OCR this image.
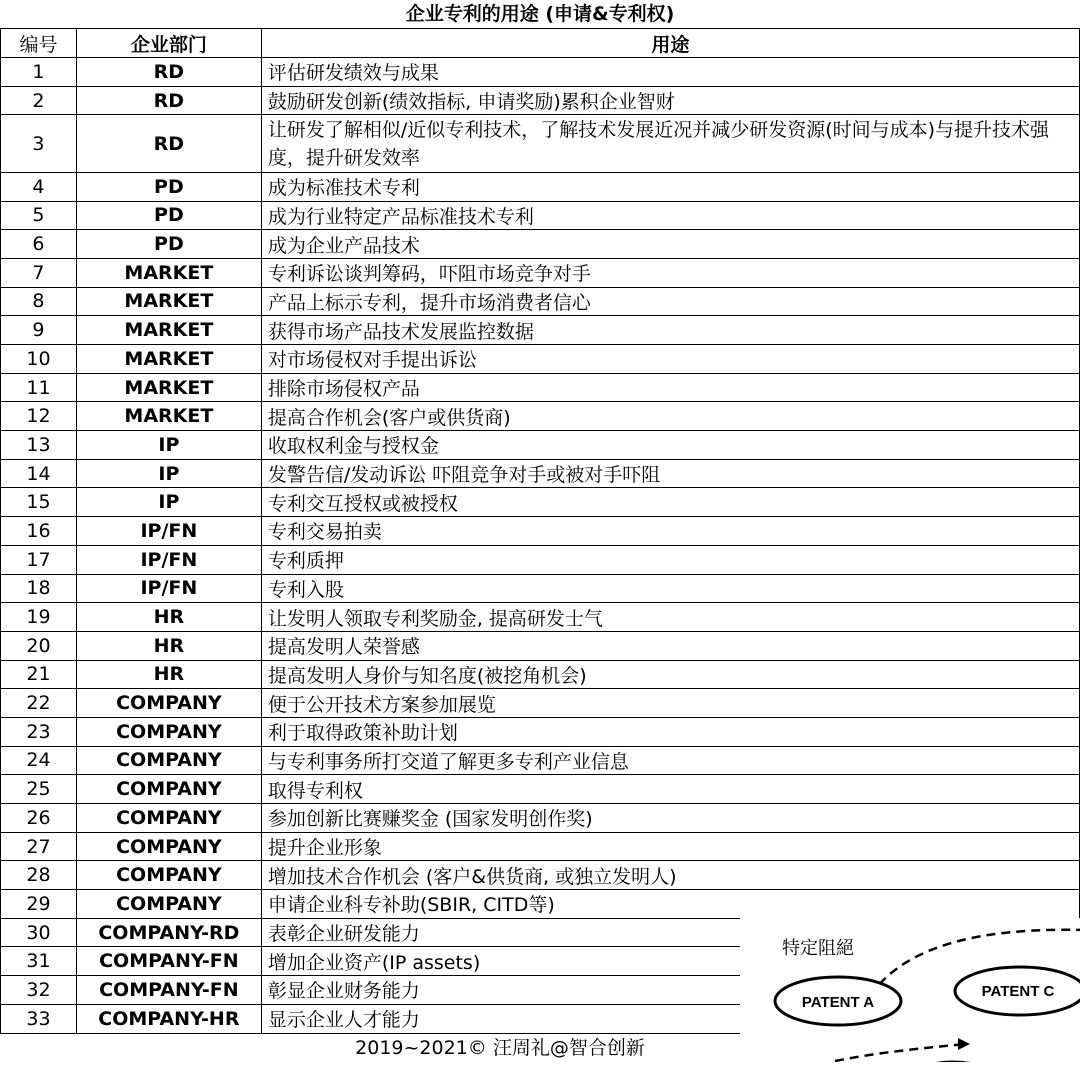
企业专利的用途 (申请&专利权)
编号	企业部门	用途
1	RD	评估研发绩效与成果
2	RD	鼓励研发创新(绩效指标, 申请奖励)累积企业智财
3	RD	让研发了解相似/近似专利技术，了解技术发展近况并减少研发资源(时间与成本)与提升技术强度，提升研发效率
4	PD	成为标准技术专利
5	PD	成为行业特定产品标准技术专利
6	PD	成为企业产品技术
7	MARKET	专利诉讼谈判筹码，吓阻市场竞争对手
8	MARKET	产品上标示专利，提升市场消费者信心
9	MARKET	获得市场产品技术发展监控数据
10	MARKET	对市场侵权对手提出诉讼
11	MARKET	排除市场侵权产品
12	MARKET	提高合作机会(客户或供货商)
13	IP	收取权利金与授权金
14	IP	发警告信/发动诉讼 吓阻竞争对手或被对手吓阻
15	IP	专利交互授权或被授权
16	IP/FN	专利交易拍卖
17	IP/FN	专利质押
18	IP/FN	专利入股
19	HR	让发明人领取专利奖励金, 提高研发士气
20	HR	提高发明人荣誉感
21	HR	提高发明人身价与知名度(被挖角机会)
22	COMPANY	便于公开技术方案参加展览
23	COMPANY	利于取得政策补助计划
24	COMPANY	与专利事务所打交道了解更多专利产业信息
25	COMPANY	取得专利权
26	COMPANY	参加创新比赛赚奖金 (国家发明创作奖)
27	COMPANY	提升企业形象
28	COMPANY	增加技术合作机会 (客户&供货商, 或独立发明人)
29	COMPANY	申请企业科专补助(SBIR, CITD等)
30	COMPANY-RD	表彰企业研发能力
31	COMPANY-FN	增加企业资产(IP assets)
32	COMPANY-FN	彰显企业财务能力
33	COMPANY-HR	显示企业人才能力
2019~2021© 汪周礼@智合创新
PATENT A
PATENT C
特定阻絕
